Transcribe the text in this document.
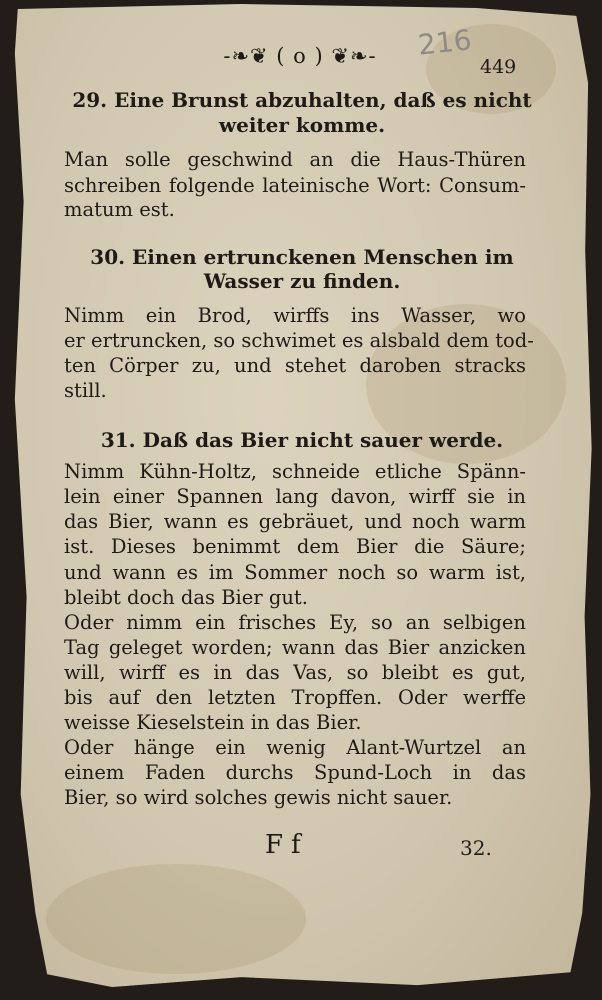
-❧❦ ( o ) ❦❧-	449
216
29. Eine Brunst abzuhalten, daß es nicht
weiter komme.
Man solle geschwind an die Haus-Thüren
schreiben folgende lateinische Wort: Consum-
matum est.
30. Einen ertrunckenen Menschen im
Wasser zu finden.
Nimm ein Brod, wirffs ins Wasser, wo
er ertruncken, so schwimet es alsbald dem tod-
ten Cörper zu, und stehet daroben stracks
still.
31. Daß das Bier nicht sauer werde.
Nimm Kühn-Holtz, schneide etliche Spänn-
lein einer Spannen lang davon, wirff sie in
das Bier, wann es gebräuet, und noch warm
ist. Dieses benimmt dem Bier die Säure;
und wann es im Sommer noch so warm ist,
bleibt doch das Bier gut.
Oder nimm ein frisches Ey, so an selbigen
Tag geleget worden; wann das Bier anzicken
will, wirff es in das Vas, so bleibt es gut,
bis auf den letzten Tropffen. Oder werffe
weisse Kieselstein in das Bier.
Oder hänge ein wenig Alant-Wurtzel an
einem Faden durchs Spund-Loch in das
Bier, so wird solches gewis nicht sauer.
Ff	32.
